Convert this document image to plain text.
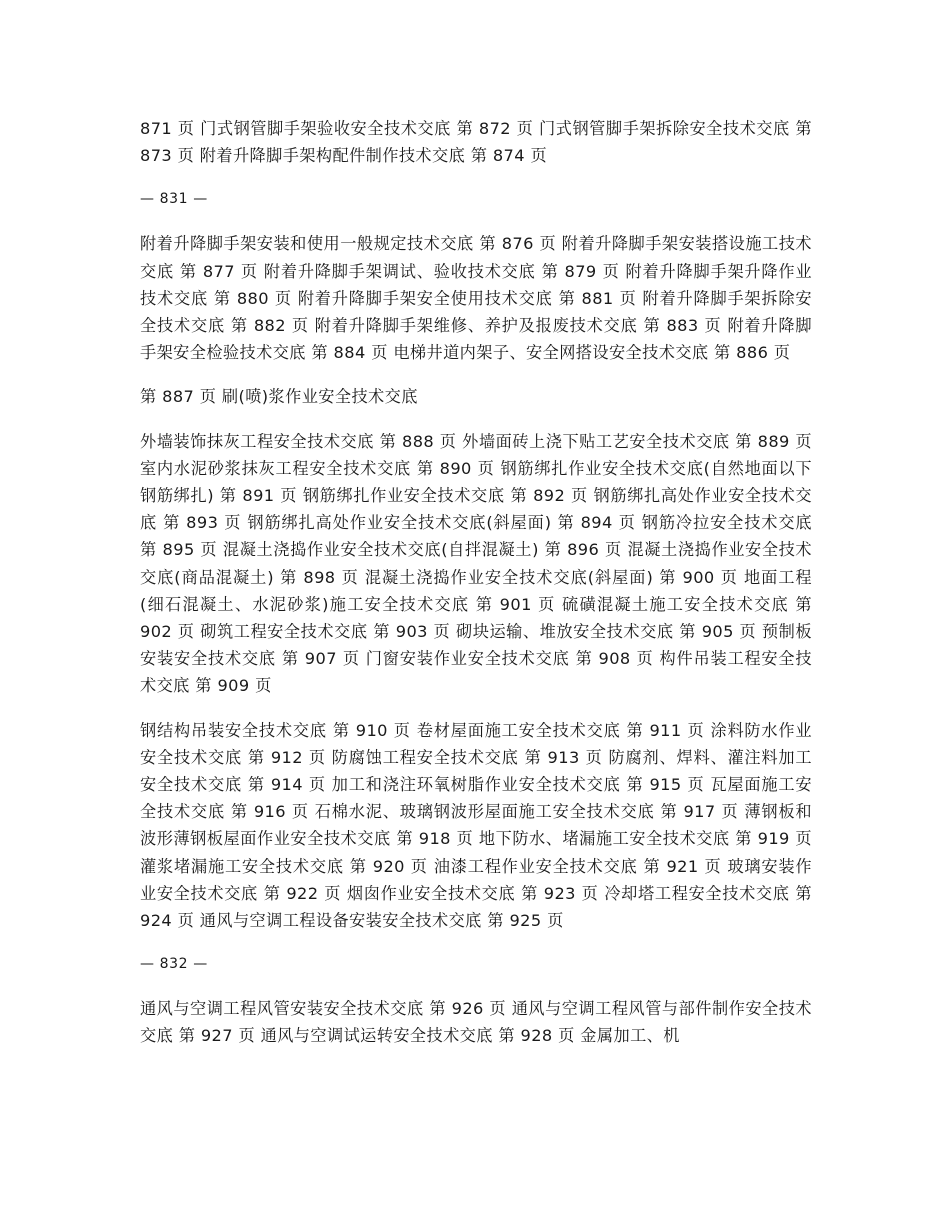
871 页 门式钢管脚手架验收安全技术交底 第 872 页 门式钢管脚手架拆除安全技术交底 第 873 页 附着升降脚手架构配件制作技术交底 第 874 页

— 831 —

附着升降脚手架安装和使用一般规定技术交底 第 876 页 附着升降脚手架安装搭设施工技术交底 第 877 页 附着升降脚手架调试、验收技术交底 第 879 页 附着升降脚手架升降作业技术交底 第 880 页 附着升降脚手架安全使用技术交底 第 881 页 附着升降脚手架拆除安全技术交底 第 882 页 附着升降脚手架维修、养护及报废技术交底 第 883 页 附着升降脚手架安全检验技术交底 第 884 页 电梯井道内架子、安全网搭设安全技术交底 第 886 页

第 887 页 刷(喷)浆作业安全技术交底

外墙装饰抹灰工程安全技术交底 第 888 页 外墙面砖上浇下贴工艺安全技术交底 第 889 页 室内水泥砂浆抹灰工程安全技术交底 第 890 页 钢筋绑扎作业安全技术交底(自然地面以下钢筋绑扎) 第 891 页 钢筋绑扎作业安全技术交底 第 892 页 钢筋绑扎高处作业安全技术交底 第 893 页 钢筋绑扎高处作业安全技术交底(斜屋面) 第 894 页 钢筋冷拉安全技术交底 第 895 页 混凝土浇捣作业安全技术交底(自拌混凝土) 第 896 页 混凝土浇捣作业安全技术交底(商品混凝土) 第 898 页 混凝土浇捣作业安全技术交底(斜屋面) 第 900 页 地面工程(细石混凝土、水泥砂浆)施工安全技术交底 第 901 页 硫磺混凝土施工安全技术交底 第 902 页 砌筑工程安全技术交底 第 903 页 砌块运输、堆放安全技术交底 第 905 页 预制板安装安全技术交底 第 907 页 门窗安装作业安全技术交底 第 908 页 构件吊装工程安全技术交底 第 909 页

钢结构吊装安全技术交底 第 910 页 卷材屋面施工安全技术交底 第 911 页 涂料防水作业安全技术交底 第 912 页 防腐蚀工程安全技术交底 第 913 页 防腐剂、焊料、灌注料加工安全技术交底 第 914 页 加工和浇注环氧树脂作业安全技术交底 第 915 页 瓦屋面施工安全技术交底 第 916 页 石棉水泥、玻璃钢波形屋面施工安全技术交底 第 917 页 薄钢板和波形薄钢板屋面作业安全技术交底 第 918 页 地下防水、堵漏施工安全技术交底 第 919 页 灌浆堵漏施工安全技术交底 第 920 页 油漆工程作业安全技术交底 第 921 页 玻璃安装作业安全技术交底 第 922 页 烟囱作业安全技术交底 第 923 页 冷却塔工程安全技术交底 第 924 页 通风与空调工程设备安装安全技术交底 第 925 页

— 832 —

通风与空调工程风管安装安全技术交底 第 926 页 通风与空调工程风管与部件制作安全技术交底 第 927 页 通风与空调试运转安全技术交底 第 928 页 金属加工、机
